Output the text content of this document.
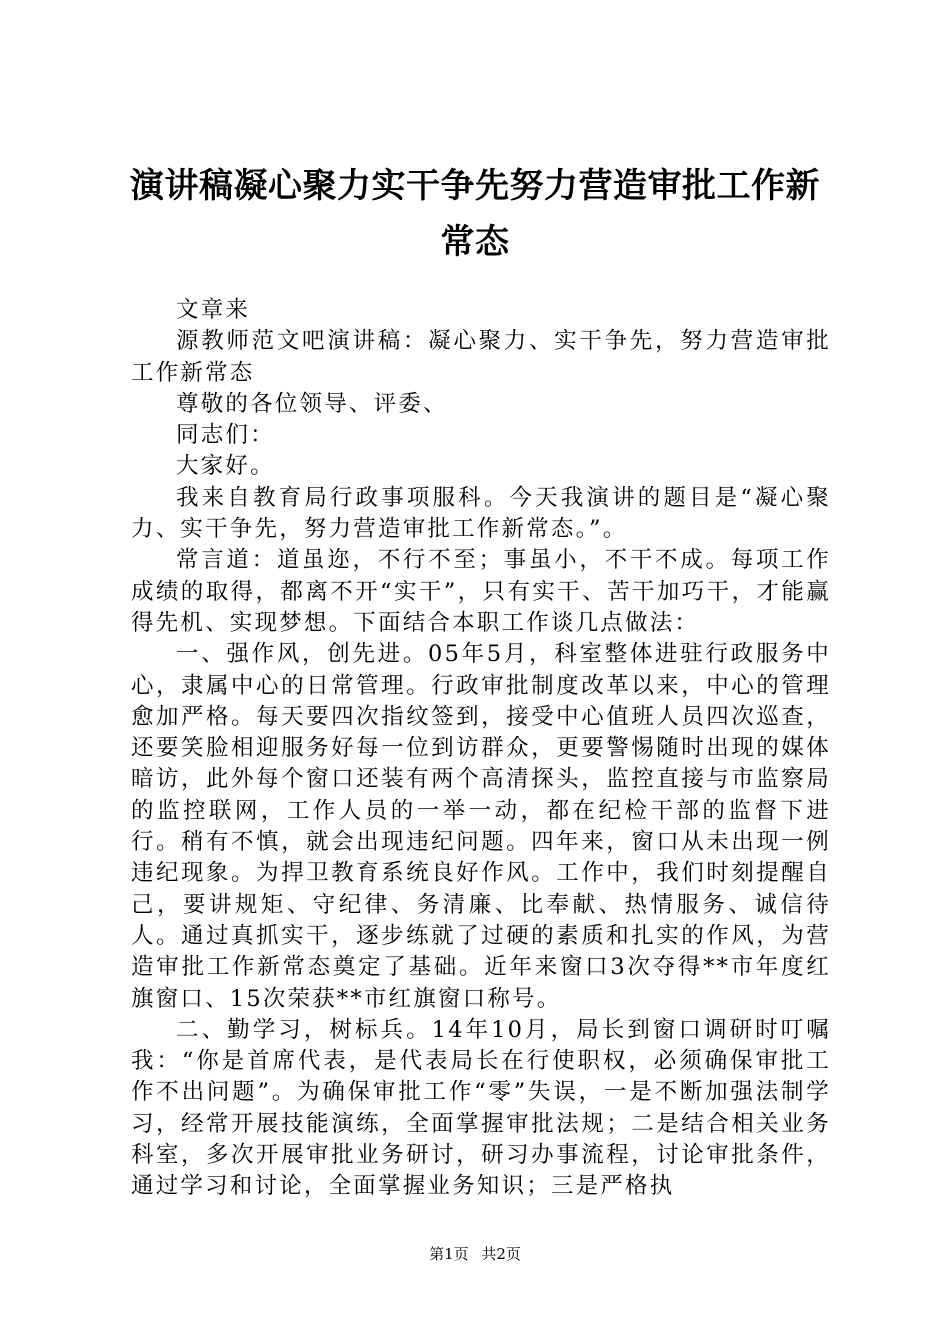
演讲稿凝心聚力实干争先努力营造审批工作新常态

文章来

源教师范文吧演讲稿：凝心聚力、实干争先，努力营造审批工作新常态

尊敬的各位领导、评委、

同志们：

大家好。

我来自教育局行政事项服科。今天我演讲的题目是“凝心聚力、实干争先，努力营造审批工作新常态。”。

常言道：道虽迩，不行不至；事虽小，不干不成。每项工作成绩的取得，都离不开“实干”，只有实干、苦干加巧干，才能赢得先机、实现梦想。下面结合本职工作谈几点做法：

一、强作风，创先进。05年5月，科室整体进驻行政服务中心，隶属中心的日常管理。行政审批制度改革以来，中心的管理愈加严格。每天要四次指纹签到，接受中心值班人员四次巡查，还要笑脸相迎服务好每一位到访群众，更要警惕随时出现的媒体暗访，此外每个窗口还装有两个高清探头，监控直接与市监察局的监控联网，工作人员的一举一动，都在纪检干部的监督下进行。稍有不慎，就会出现违纪问题。四年来，窗口从未出现一例违纪现象。为捍卫教育系统良好作风。工作中，我们时刻提醒自己，要讲规矩、守纪律、务清廉、比奉献、热情服务、诚信待人。通过真抓实干，逐步练就了过硬的素质和扎实的作风，为营造审批工作新常态奠定了基础。近年来窗口3次夺得**市年度红旗窗口、15次荣获**市红旗窗口称号。

二、勤学习，树标兵。14年10月，局长到窗口调研时叮嘱我：“你是首席代表，是代表局长在行使职权，必须确保审批工作不出问题”。为确保审批工作“零”失误，一是不断加强法制学习，经常开展技能演练，全面掌握审批法规；二是结合相关业务科室，多次开展审批业务研讨，研习办事流程，讨论审批条件，通过学习和讨论，全面掌握业务知识；三是严格执

第1页 共2页
